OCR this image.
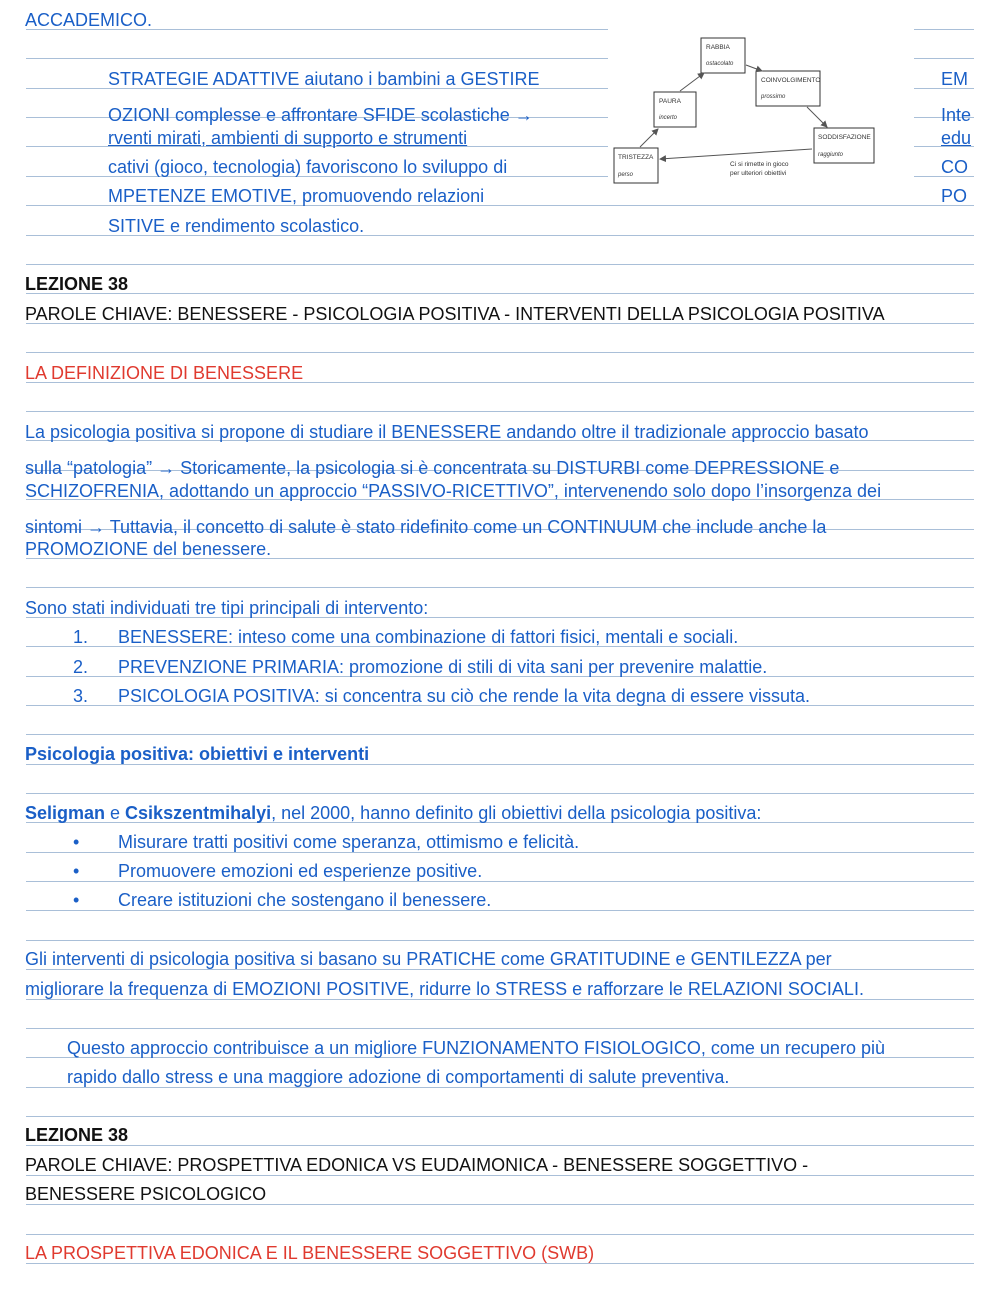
ACCADEMICO.
STRATEGIE ADATTIVE aiutano i bambini a GESTIRE
OZIONI complesse e affrontare SFIDE scolastiche →
rventi mirati, ambienti di supporto e strumenti
cativi (gioco, tecnologia) favoriscono lo sviluppo di
MPETENZE EMOTIVE, promuovendo relazioni
SITIVE e rendimento scolastico.
EM
Inte
edu
CO
PO
RABBIA
ostacolato
PAURA
incerto
COINVOLGIMENTO
prossimo
TRISTEZZA
perso
SODDISFAZIONE
raggiunto
Ci si rimette in gioco
per ulteriori obiettivi
LEZIONE 38
PAROLE CHIAVE: BENESSERE - PSICOLOGIA POSITIVA - INTERVENTI DELLA PSICOLOGIA POSITIVA
LA DEFINIZIONE DI BENESSERE
La psicologia positiva si propone di studiare il BENESSERE andando oltre il tradizionale approccio basato
sulla “patologia” → Storicamente, la psicologia si è concentrata su DISTURBI come DEPRESSIONE e
SCHIZOFRENIA, adottando un approccio “PASSIVO-RICETTIVO”, intervenendo solo dopo l’insorgenza dei
sintomi → Tuttavia, il concetto di salute è stato ridefinito come un CONTINUUM che include anche la
PROMOZIONE del benessere.
Sono stati individuati tre tipi principali di intervento:
1. BENESSERE: inteso come una combinazione di fattori fisici, mentali e sociali.
2. PREVENZIONE PRIMARIA: promozione di stili di vita sani per prevenire malattie.
3. PSICOLOGIA POSITIVA: si concentra su ciò che rende la vita degna di essere vissuta.
Psicologia positiva: obiettivi e interventi
Seligman e Csikszentmihalyi, nel 2000, hanno definito gli obiettivi della psicologia positiva:
• Misurare tratti positivi come speranza, ottimismo e felicità.
• Promuovere emozioni ed esperienze positive.
• Creare istituzioni che sostengano il benessere.
Gli interventi di psicologia positiva si basano su PRATICHE come GRATITUDINE e GENTILEZZA per
migliorare la frequenza di EMOZIONI POSITIVE, ridurre lo STRESS e rafforzare le RELAZIONI SOCIALI.
Questo approccio contribuisce a un migliore FUNZIONAMENTO FISIOLOGICO, come un recupero più
rapido dallo stress e una maggiore adozione di comportamenti di salute preventiva.
LEZIONE 38
PAROLE CHIAVE: PROSPETTIVA EDONICA VS EUDAIMONICA - BENESSERE SOGGETTIVO -
BENESSERE PSICOLOGICO
LA PROSPETTIVA EDONICA E IL BENESSERE SOGGETTIVO (SWB)
